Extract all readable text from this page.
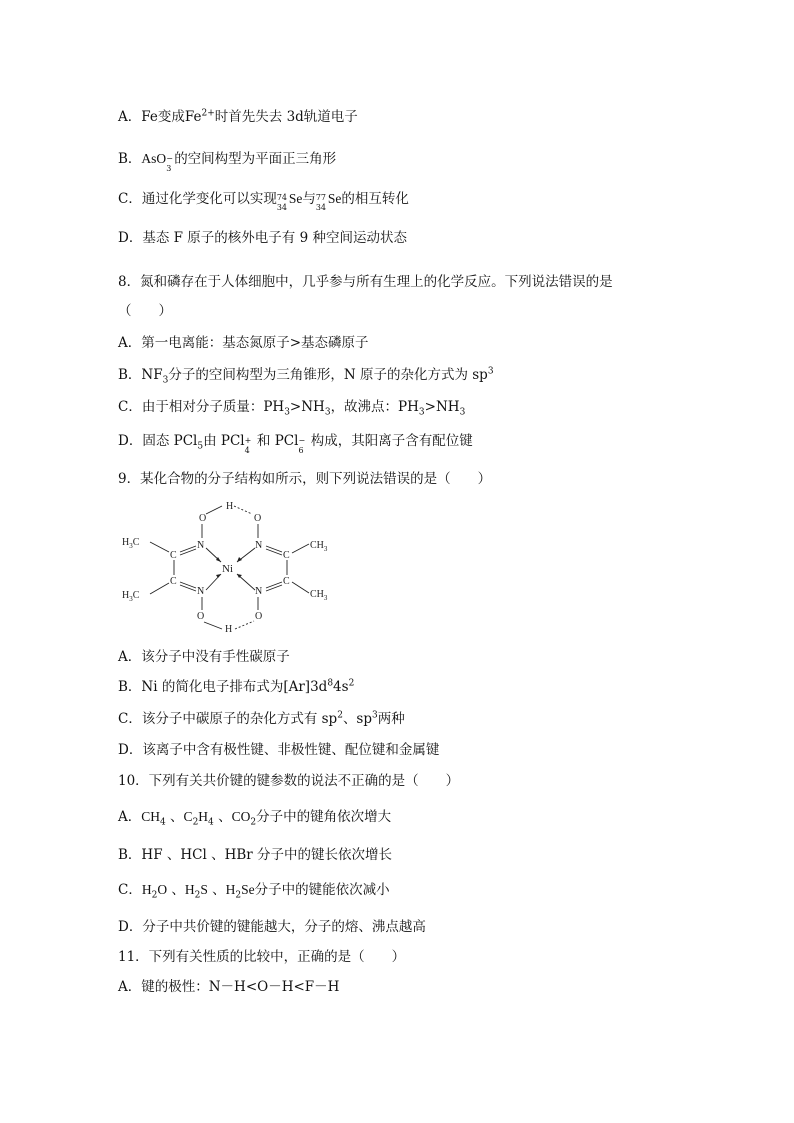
A．Fe变成$Fe^{2+}$时首先失去 3d轨道电子
B．AsO −
3
的空间构型为平面正三角形
C．通过化学变化可以实现 74
34
Se与 77
34
Se的相互转化
D．基态 F 原子的核外电子有 9 种空间运动状态
8．氮和磷存在于人体细胞中，几乎参与所有生理上的化学反应。下列说法错误的是
（　　）
A．第一电离能：基态氮原子>基态磷原子
B．$NF_3$分子的空间构型为三角锥形，N 原子的杂化方式为 $sp^3$
C．由于相对分子质量：$PH_3>NH_3$，故沸点：$PH_3>NH_3$
D．固态 PCl$_5$由 PCl +
4
和 PCl −
6
构成，其阳离子含有配位键
9．某化合物的分子结构如所示，则下列说法错误的是（　　）
H
O	O
N	N
N	N
C
C
C
C
Ni
O	O
H
$H_3C$
$H_3C$
$CH_3$
$CH_3$
A．该分子中没有手性碳原子
B．Ni 的简化电子排布式为$[Ar]3d^84s^2$
C．该分子中碳原子的杂化方式有 $sp^2$、$sp^3$两种
D．该离子中含有极性键、非极性键、配位键和金属键
10．下列有关共价键的键参数的说法不正确的是（　　）
A．$CH_4$ 、$C_2H_4$ 、$CO_2$分子中的键角依次增大
B．HF 、HCl 、HBr 分子中的键长依次增长
C．$H_2O$ 、$H_2S$ 、$H_2Se$分子中的键能依次减小
D．分子中共价键的键能越大，分子的熔、沸点越高
11．下列有关性质的比较中，正确的是（　　）
A．键的极性：N－H<O－H<F－H
